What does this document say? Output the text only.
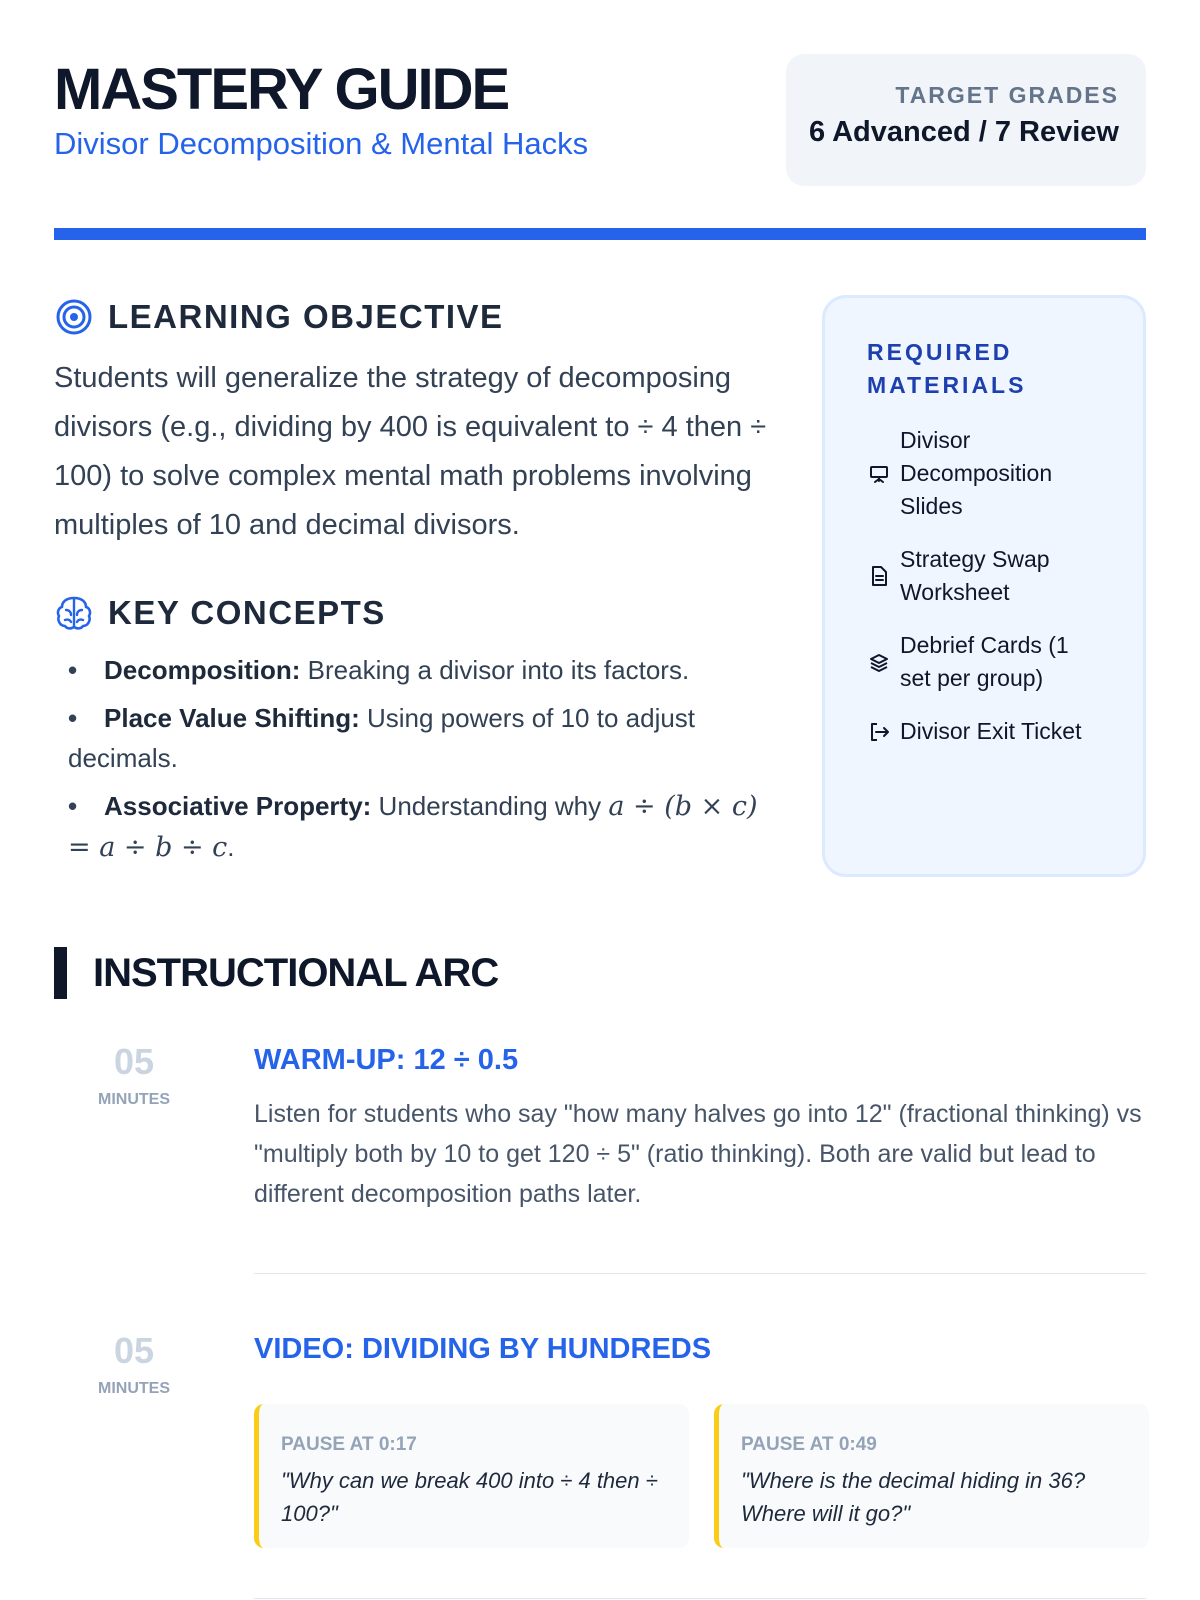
MASTERY GUIDE
Divisor Decomposition & Mental Hacks
TARGET GRADES
6 Advanced / 7 Review
LEARNING OBJECTIVE
Students will generalize the strategy of decomposing divisors (e.g., dividing by 400 is equivalent to ÷ 4 then ÷ 100) to solve complex mental math problems involving multiples of 10 and decimal divisors.
KEY CONCEPTS
• Decomposition: Breaking a divisor into its factors.
• Place Value Shifting: Using powers of 10 to adjust decimals.
• Associative Property: Understanding why a ÷ (b × c) = a ÷ b ÷ c.
REQUIRED MATERIALS
Divisor Decomposition Slides
Strategy Swap Worksheet
Debrief Cards (1 set per group)
Divisor Exit Ticket
INSTRUCTIONAL ARC
05
MINUTES
WARM-UP: 12 ÷ 0.5
Listen for students who say "how many halves go into 12" (fractional thinking) vs "multiply both by 10 to get 120 ÷ 5" (ratio thinking). Both are valid but lead to different decomposition paths later.
05
MINUTES
VIDEO: DIVIDING BY HUNDREDS
PAUSE AT 0:17
"Why can we break 400 into ÷ 4 then ÷ 100?"
PAUSE AT 0:49
"Where is the decimal hiding in 36? Where will it go?"
